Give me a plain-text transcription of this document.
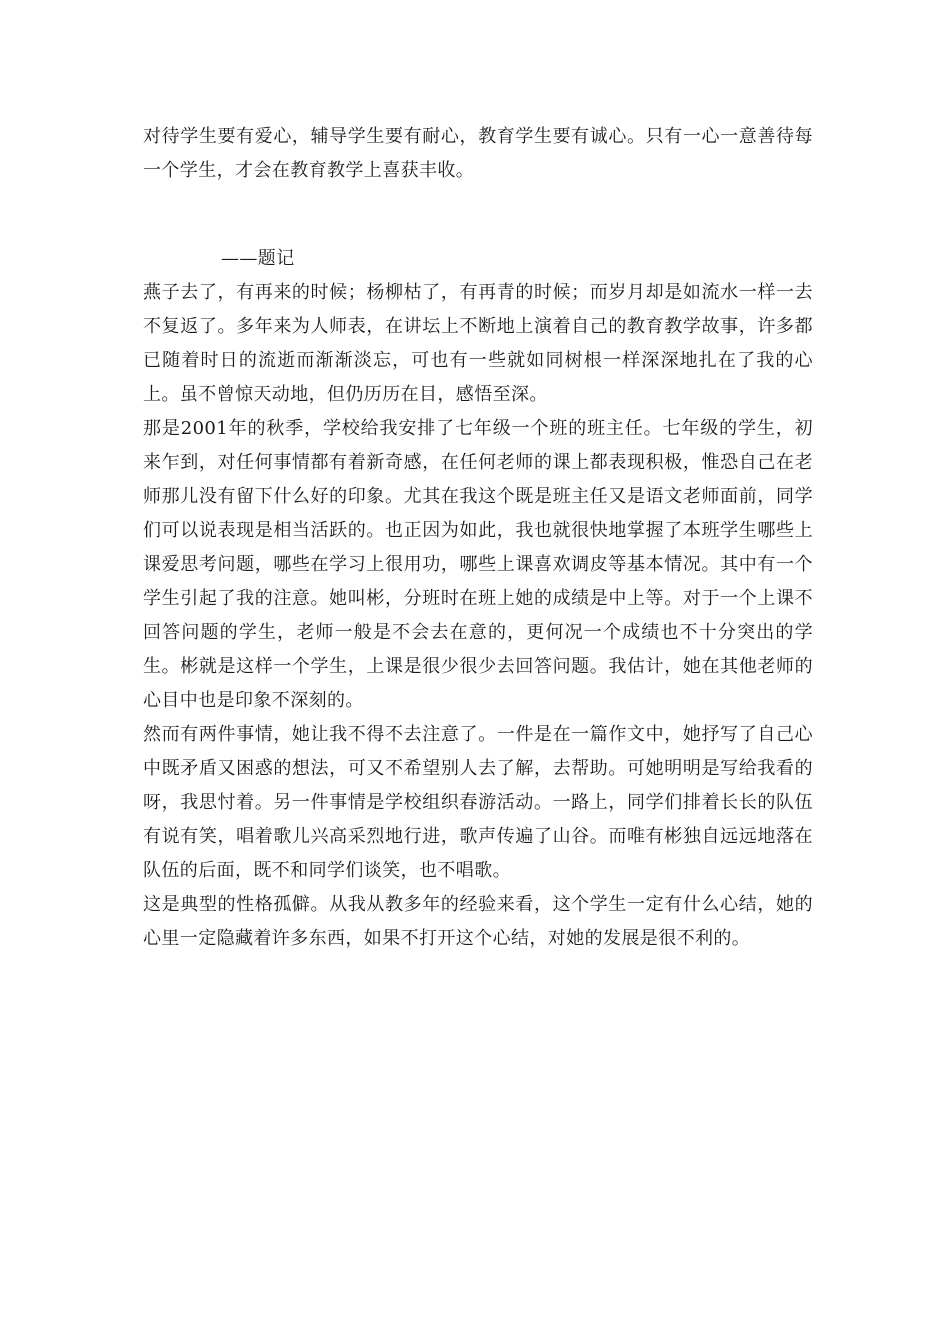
对待学生要有爱心，辅导学生要有耐心，教育学生要有诚心。只有一心一意善待每一个学生，才会在教育教学上喜获丰收。

——题记

燕子去了，有再来的时候；杨柳枯了，有再青的时候；而岁月却是如流水一样一去不复返了。多年来为人师表，在讲坛上不断地上演着自己的教育教学故事，许多都已随着时日的流逝而渐渐淡忘，可也有一些就如同树根一样深深地扎在了我的心上。虽不曾惊天动地，但仍历历在目，感悟至深。

那是2001年的秋季，学校给我安排了七年级一个班的班主任。七年级的学生，初来乍到，对任何事情都有着新奇感，在任何老师的课上都表现积极，惟恐自己在老师那儿没有留下什么好的印象。尤其在我这个既是班主任又是语文老师面前，同学们可以说表现是相当活跃的。也正因为如此，我也就很快地掌握了本班学生哪些上课爱思考问题，哪些在学习上很用功，哪些上课喜欢调皮等基本情况。其中有一个学生引起了我的注意。她叫彬，分班时在班上她的成绩是中上等。对于一个上课不回答问题的学生，老师一般是不会去在意的，更何况一个成绩也不十分突出的学生。彬就是这样一个学生，上课是很少很少去回答问题。我估计，她在其他老师的心目中也是印象不深刻的。

然而有两件事情，她让我不得不去注意了。一件是在一篇作文中，她抒写了自己心中既矛盾又困惑的想法，可又不希望别人去了解，去帮助。可她明明是写给我看的呀，我思忖着。另一件事情是学校组织春游活动。一路上，同学们排着长长的队伍有说有笑，唱着歌儿兴高采烈地行进，歌声传遍了山谷。而唯有彬独自远远地落在队伍的后面，既不和同学们谈笑，也不唱歌。

这是典型的性格孤僻。从我从教多年的经验来看，这个学生一定有什么心结，她的心里一定隐藏着许多东西，如果不打开这个心结，对她的发展是很不利的。
